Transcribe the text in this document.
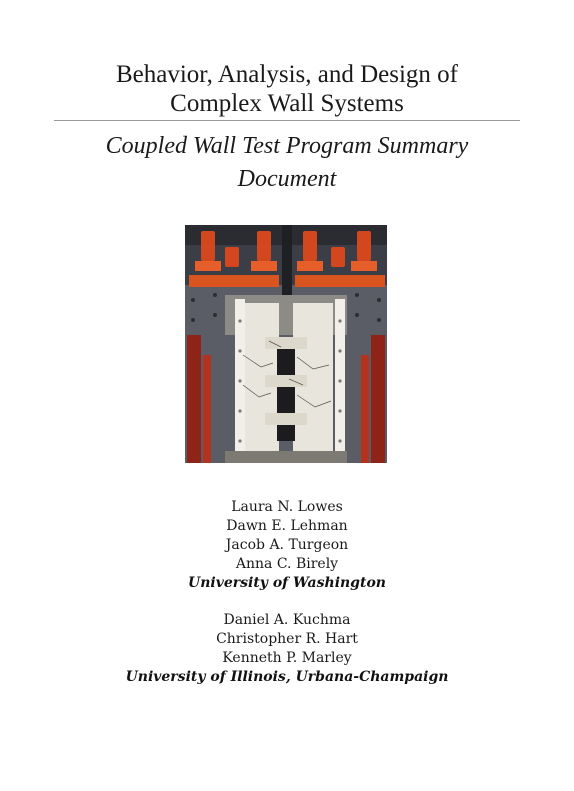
Behavior, Analysis, and Design of
Complex Wall Systems
Coupled Wall Test Program Summary
Document
Laura N. Lowes
Dawn E. Lehman
Jacob A. Turgeon
Anna C. Birely
University of Washington
Daniel A. Kuchma
Christopher R. Hart
Kenneth P. Marley
University of Illinois, Urbana-Champaign
